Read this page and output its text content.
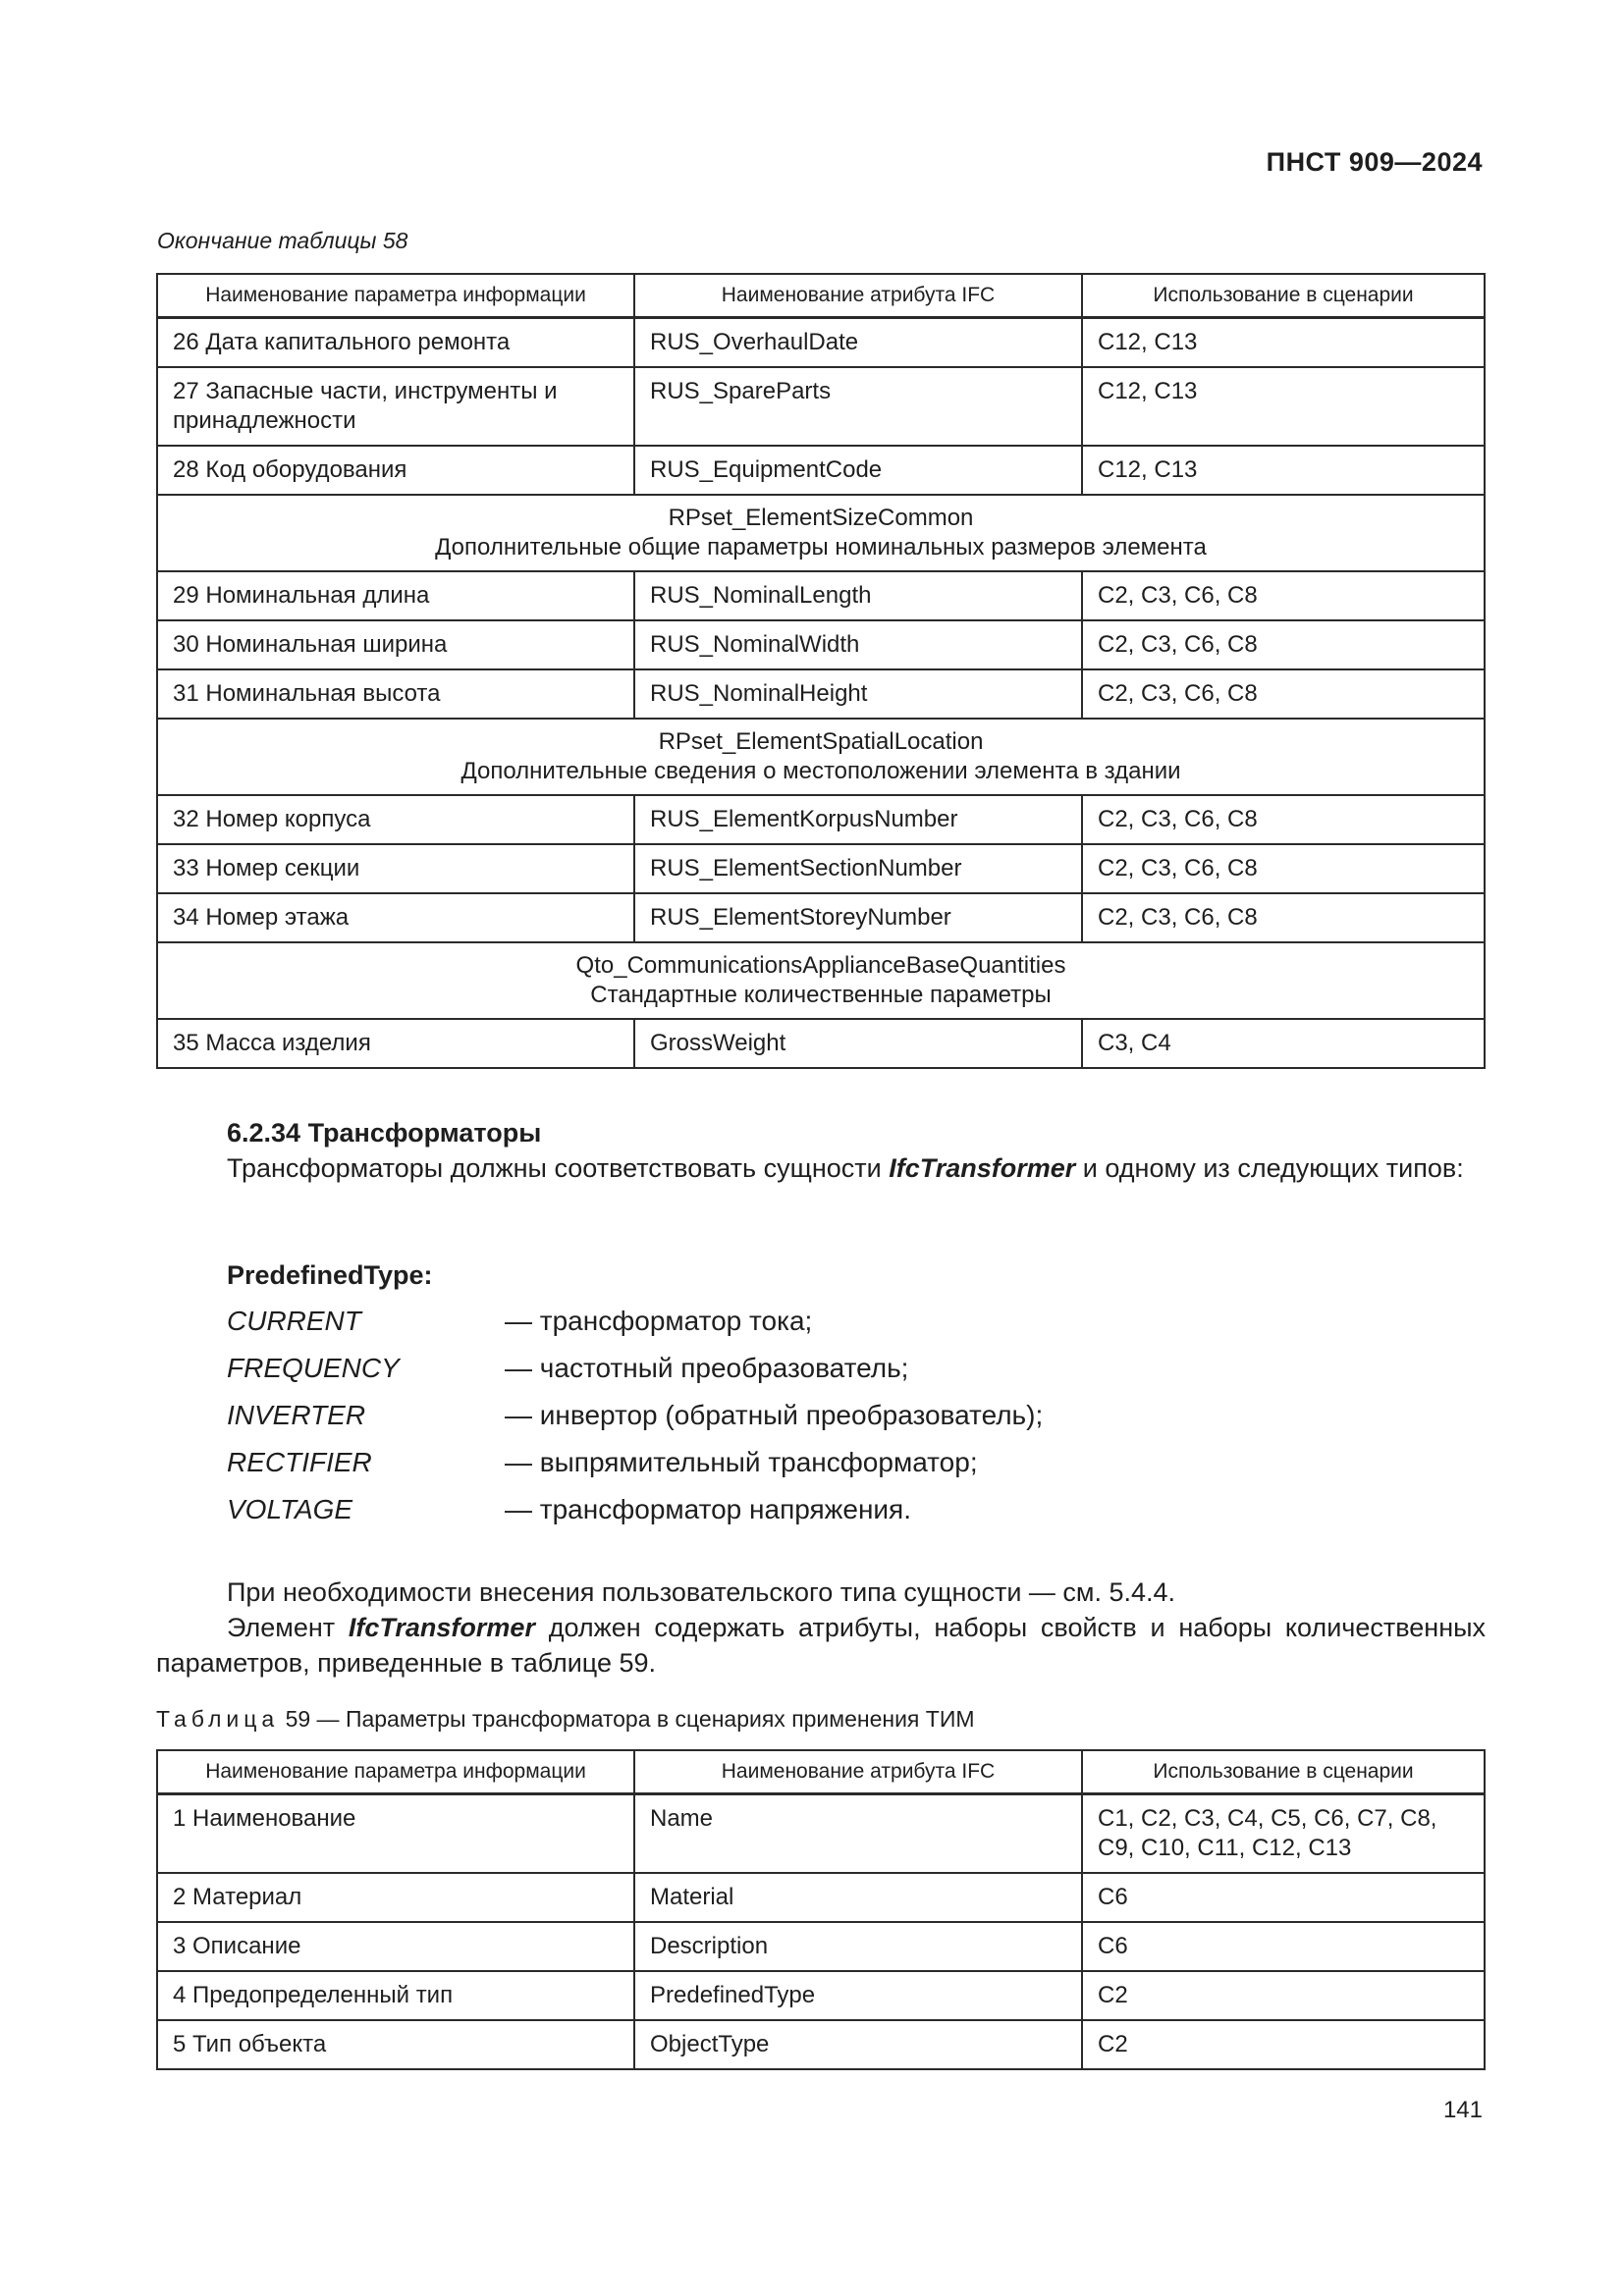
ПНСТ 909—2024
Окончание таблицы 58
Наименование параметра информации	Наименование атрибута IFC	Использование в сценарии
26 Дата капитального ремонта	RUS_OverhaulDate	C12, C13
27 Запасные части, инструменты и принадлежности	RUS_SpareParts	C12, C13
28 Код оборудования	RUS_EquipmentCode	C12, C13

RPset_ElementSizeCommon
Дополнительные общие параметры номинальных размеров элемента		

29 Номинальная длина	RUS_NominalLength	C2, C3, C6, C8
30 Номинальная ширина	RUS_NominalWidth	C2, C3, C6, C8
31 Номинальная высота	RUS_NominalHeight	C2, C3, C6, C8

RPset_ElementSpatialLocation
Дополнительные сведения о местоположении элемента в здании		

32 Номер корпуса	RUS_ElementKorpusNumber	C2, C3, C6, C8
33 Номер секции	RUS_ElementSectionNumber	C2, C3, C6, C8
34 Номер этажа	RUS_ElementStoreyNumber	C2, C3, C6, C8

Qto_CommunicationsApplianceBaseQuantities
Стандартные количественные параметры		

35 Масса изделия	GrossWeight	C3, C4
6.2.34 Трансформаторы
Трансформаторы должны соответствовать сущности IfcTransformer и одному из следующих типов:
PredefinedType:
CURRENT	— трансформатор тока;
FREQUENCY	— частотный преобразователь;
INVERTER	— инвертор (обратный преобразователь);
RECTIFIER	— выпрямительный трансформатор;
VOLTAGE	— трансформатор напряжения.
При необходимости внесения пользовательского типа сущности — см. 5.4.4.
Элемент IfcTransformer должен содержать атрибуты, наборы свойств и наборы количественных параметров, приведенные в таблице 59.
Таблица 59 — Параметры трансформатора в сценариях применения ТИМ
Наименование параметра информации	Наименование атрибута IFC	Использование в сценарии
1 Наименование	Name	C1, C2, C3, C4, C5, C6, C7, C8, C9, C10, C11, C12, C13
2 Материал	Material	C6
3 Описание	Description	C6
4 Предопределенный тип	PredefinedType	C2
5 Тип объекта	ObjectType	C2
141
